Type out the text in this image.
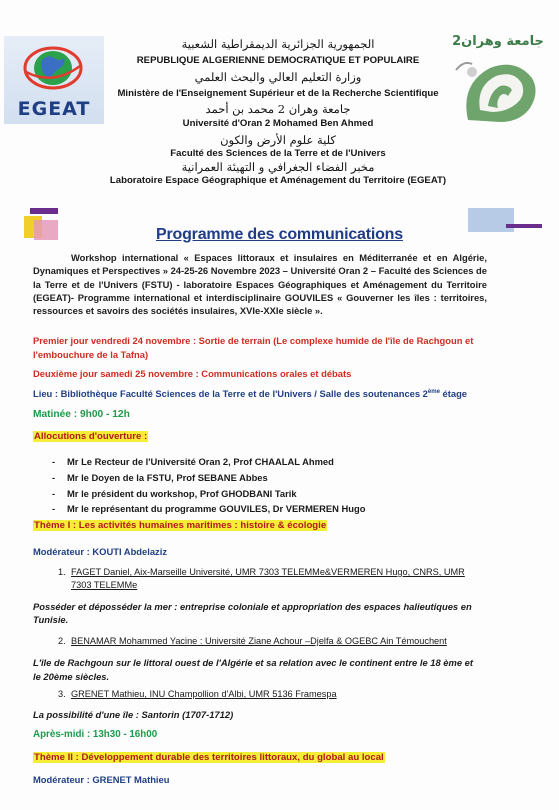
EGEAT
جامعة وهران2
الجمهورية الجزائرية الديمقراطية الشعبية
REPUBLIQUE ALGERIENNE DEMOCRATIQUE ET POPULAIRE
وزارة التعليم العالي والبحث العلمي
Ministère de l'Enseignement Supérieur et de la Recherche Scientifique
جامعة وهران 2 محمد بن أحمد
Université d'Oran 2 Mohamed Ben Ahmed
كلية علوم الأرض والكون
Faculté des Sciences de la Terre et de l'Univers
مخبر الفضاء الجغرافي و التهيئة العمرانية
Laboratoire Espace Géographique et Aménagement du Territoire (EGEAT)
Programme des communications
Workshop international « Espaces littoraux et insulaires en Méditerranée et en Algérie, Dynamiques et Perspectives » 24-25-26 Novembre 2023 – Université Oran 2 – Faculté des Sciences de la Terre et de l'Univers (FSTU) - laboratoire Espaces Géographiques et Aménagement du Territoire (EGEAT)- Programme international et interdisciplinaire GOUVILES « Gouverner les îles : territoires, ressources et savoirs des sociétés insulaires, XVIe-XXIe siècle ».
Premier jour vendredi 24 novembre : Sortie de terrain (Le complexe humide de l'île de Rachgoun et l'embouchure de la Tafna)
Deuxième jour samedi 25 novembre : Communications orales et débats
Lieu : Bibliothèque Faculté Sciences de la Terre et de l'Univers / Salle des soutenances 2ème étage
Matinée : 9h00 - 12h
Allocutions d'ouverture :
- Mr Le Recteur de l'Université Oran 2, Prof CHAALAL Ahmed
- Mr le Doyen de la FSTU, Prof SEBANE Abbes
- Mr le président du workshop, Prof GHODBANI Tarik
- Mr le représentant du programme GOUVILES, Dr VERMEREN Hugo
Thème I : Les activités humaines maritimes : histoire & écologie
Modérateur : KOUTI Abdelaziz
1. FAGET Daniel, Aix-Marseille Université, UMR 7303 TELEMMe&VERMEREN Hugo, CNRS, UMR
7303 TELEMMe
Posséder et déposséder la mer : entreprise coloniale et appropriation des espaces halieutiques en
Tunisie.
2. BENAMAR Mohammed Yacine : Université Ziane Achour –Djelfa & OGEBC Ain Témouchent
L'île de Rachgoun sur le littoral ouest de l'Algérie et sa relation avec le continent entre le 18 ème et
le 20ème siècles.
3. GRENET Mathieu, INU Champollion d'Albi, UMR 5136 Framespa
La possibilité d'une île : Santorin (1707-1712)
Après-midi : 13h30 - 16h00
Thème II : Développement durable des territoires littoraux, du global au local
Modérateur : GRENET Mathieu
